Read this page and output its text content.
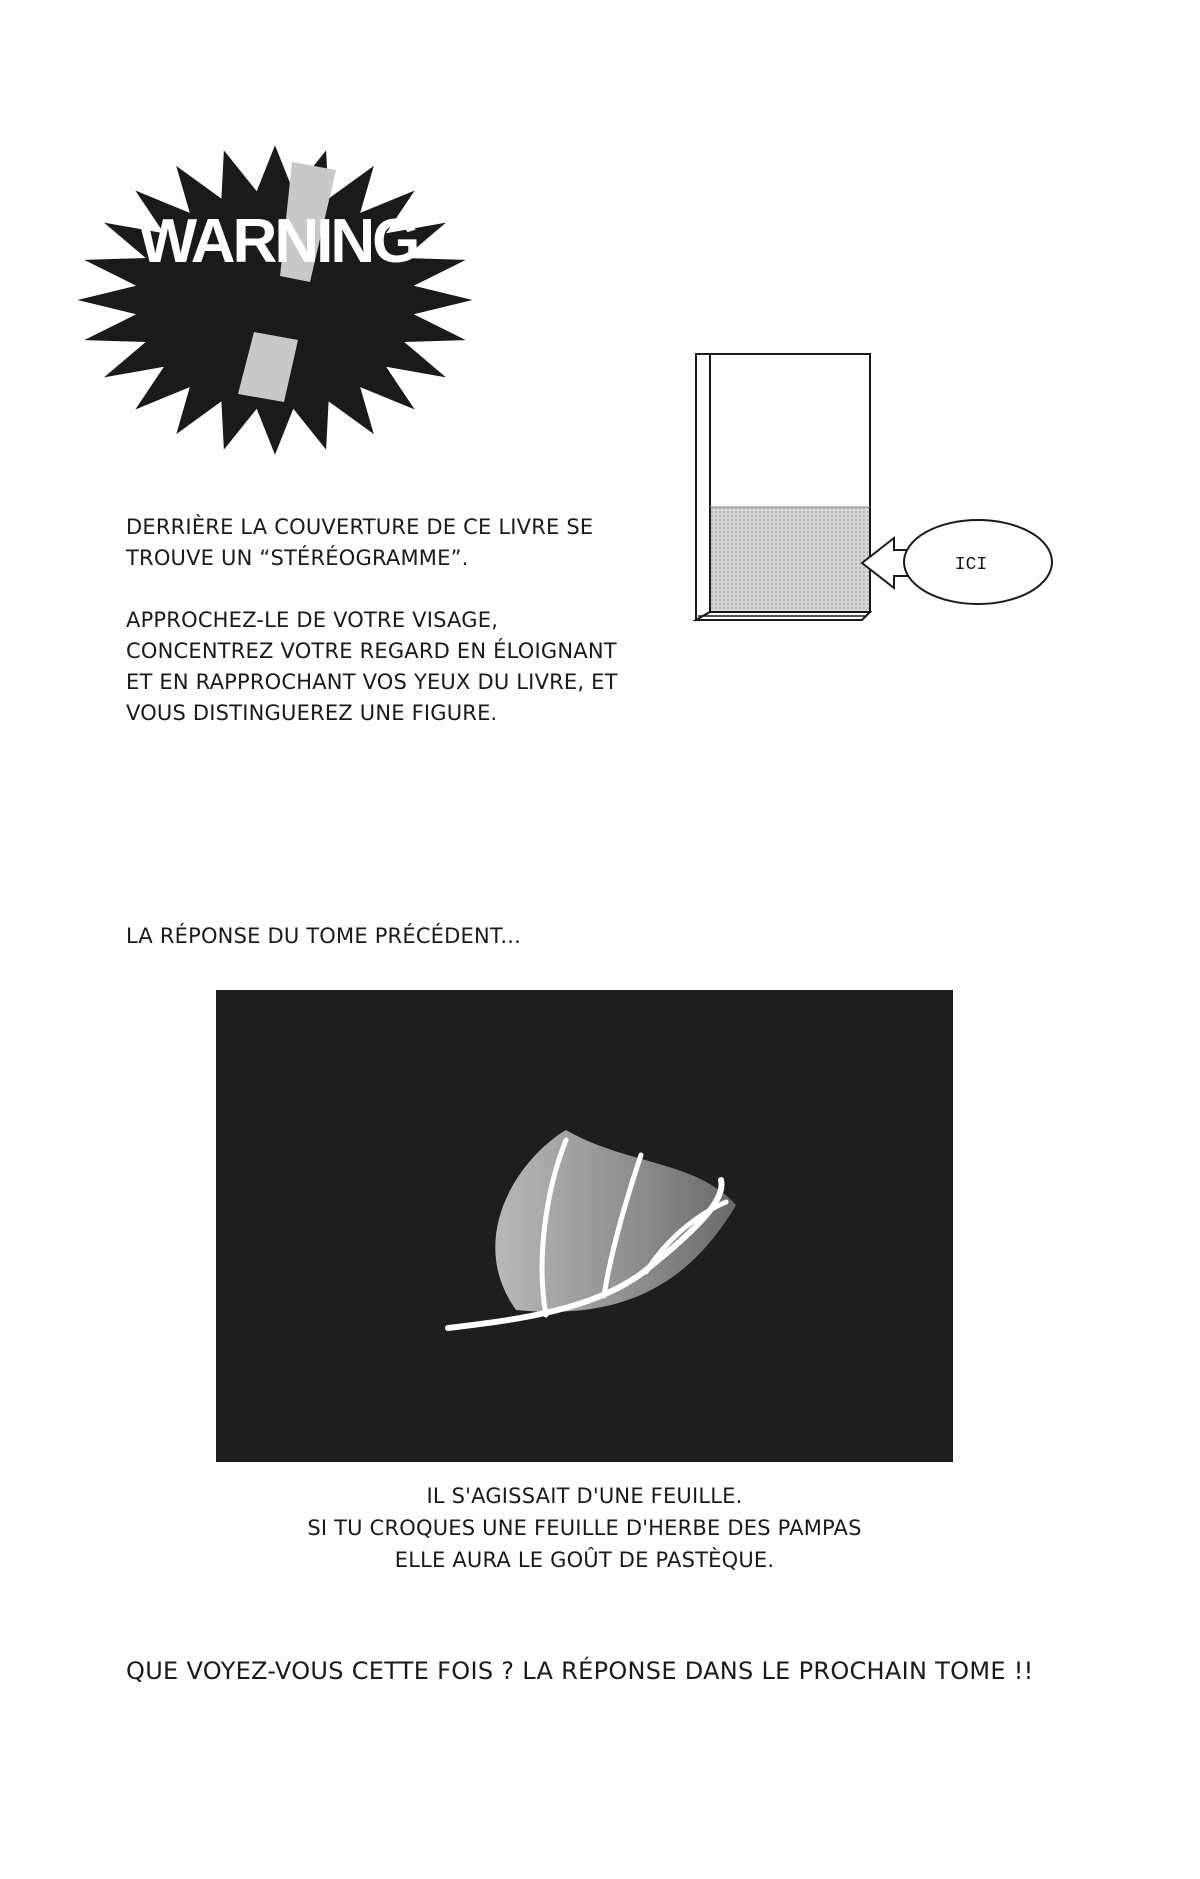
WARNING

DERRIÈRE LA COUVERTURE DE CE LIVRE SE TROUVE UN “STÉRÉOGRAMME”.

APPROCHEZ-LE DE VOTRE VISAGE, CONCENTREZ VOTRE REGARD EN ÉLOIGNANT ET EN RAPPROCHANT VOS YEUX DU LIVRE, ET VOUS DISTINGUEREZ UNE FIGURE.

ICI
LA RÉPONSE DU TOME PRÉCÉDENT...
IL S'AGISSAIT D'UNE FEUILLE.
SI TU CROQUES UNE FEUILLE D'HERBE DES PAMPAS
ELLE AURA LE GOÛT DE PASTÈQUE.
QUE VOYEZ-VOUS CETTE FOIS ? LA RÉPONSE DANS LE PROCHAIN TOME !!
